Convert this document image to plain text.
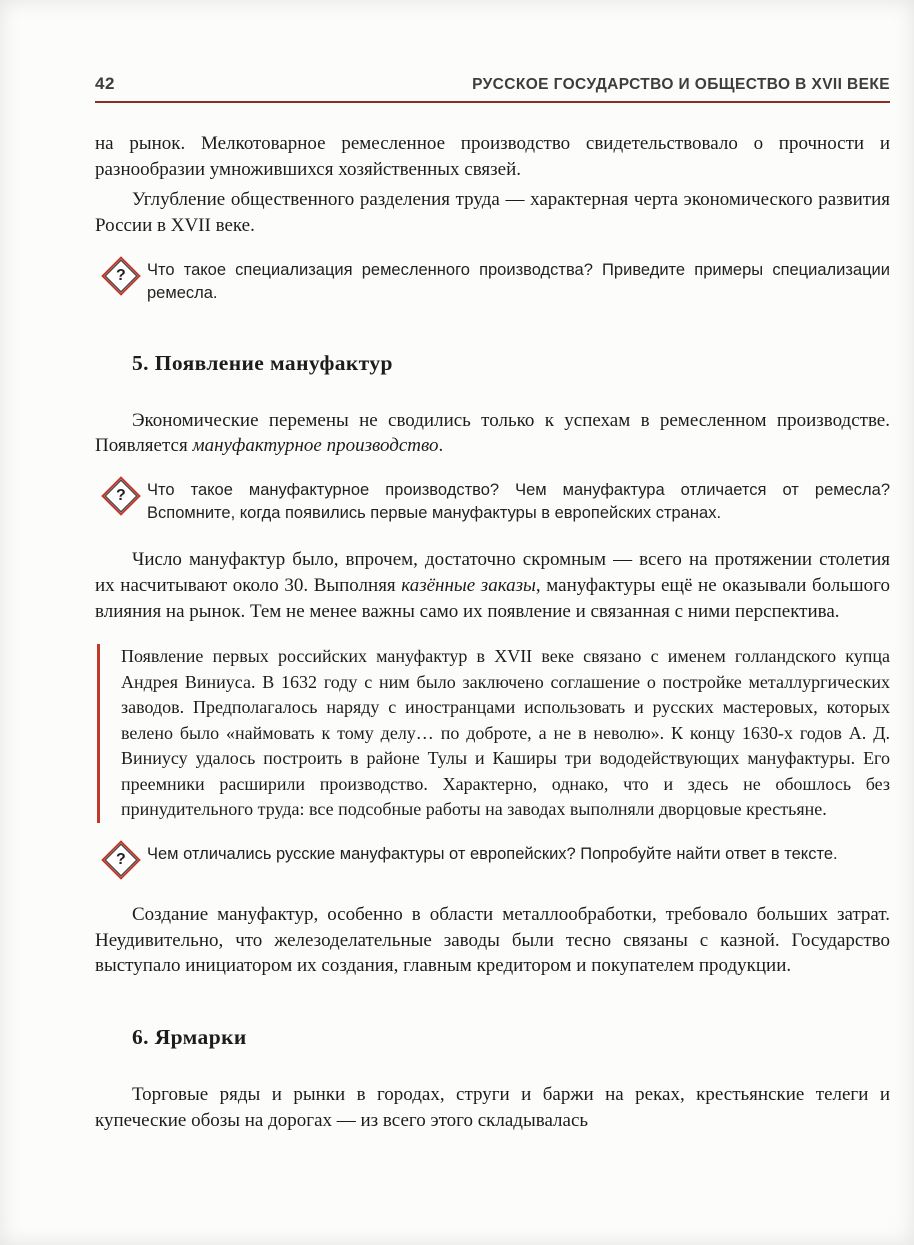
42	РУССКОЕ ГОСУДАРСТВО И ОБЩЕСТВО В XVII ВЕКЕ

на рынок. Мелкотоварное ремесленное производство свидетельствовало о прочности и разнообразии умножившихся хозяйственных связей.

Углубление общественного разделения труда — характерная черта экономического развития России в XVII веке.

? Что такое специализация ремесленного производства? Приведите примеры специализации ремесла.
5. Появление мануфактур

Экономические перемены не сводились только к успехам в ремесленном производстве. Появляется мануфактурное производство.

? Что такое мануфактурное производство? Чем мануфактура отличается от ремесла? Вспомните, когда появились первые мануфактуры в европейских странах.

Число мануфактур было, впрочем, достаточно скромным — всего на протяжении столетия их насчитывают около 30. Выполняя казённые заказы, мануфактуры ещё не оказывали большого влияния на рынок. Тем не менее важны само их появление и связанная с ними перспектива.

Появление первых российских мануфактур в XVII веке связано с именем голландского купца Андрея Виниуса. В 1632 году с ним было заключено соглашение о постройке металлургических заводов. Предполагалось наряду с иностранцами использовать и русских мастеровых, которых велено было «наймовать к тому делу… по доброте, а не в неволю». К концу 1630-х годов А. Д. Виниусу удалось построить в районе Тулы и Каширы три вододействующих мануфактуры. Его преемники расширили производство. Характерно, однако, что и здесь не обошлось без принудительного труда: все подсобные работы на заводах выполняли дворцовые крестьяне.
? Чем отличались русские мануфактуры от европейских? Попробуйте найти ответ в тексте.

Создание мануфактур, особенно в области металлообработки, требовало больших затрат. Неудивительно, что железоделательные заводы были тесно связаны с казной. Государство выступало инициатором их создания, главным кредитором и покупателем продукции.

6. Ярмарки

Торговые ряды и рынки в городах, струги и баржи на реках, крестьянские телеги и купеческие обозы на дорогах — из всего этого складывалась
